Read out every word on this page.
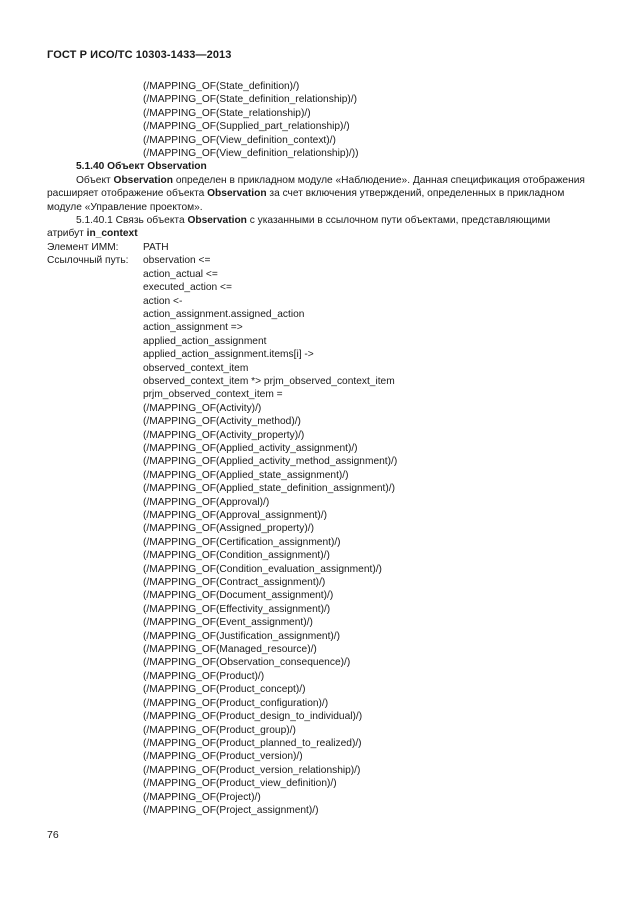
ГОСТ Р ИСО/ТС 10303-1433—2013
(/MAPPING_OF(State_definition)/)
(/MAPPING_OF(State_definition_relationship)/)
(/MAPPING_OF(State_relationship)/)
(/MAPPING_OF(Supplied_part_relationship)/)
(/MAPPING_OF(View_definition_context)/)
(/MAPPING_OF(View_definition_relationship)/))
5.1.40 Объект Observation
Объект Observation определен в прикладном модуле «Наблюдение». Данная спецификация отображения расширяет отображение объекта Observation за счет включения утверждений, определенных в прикладном модуле «Управление проектом».
5.1.40.1 Связь объекта Observation с указанными в ссылочном пути объектами, представляющими атрибут in_context
Элемент ИММ:	PATH
Ссылочный путь:	observation <=
action_actual <=
executed_action <=
action <-
action_assignment.assigned_action
action_assignment =>
applied_action_assignment
applied_action_assignment.items[i] ->
observed_context_item
observed_context_item *> prjm_observed_context_item
prjm_observed_context_item =
(/MAPPING_OF(Activity)/)
(/MAPPING_OF(Activity_method)/)
(/MAPPING_OF(Activity_property)/)
(/MAPPING_OF(Applied_activity_assignment)/)
(/MAPPING_OF(Applied_activity_method_assignment)/)
(/MAPPING_OF(Applied_state_assignment)/)
(/MAPPING_OF(Applied_state_definition_assignment)/)
(/MAPPING_OF(Approval)/)
(/MAPPING_OF(Approval_assignment)/)
(/MAPPING_OF(Assigned_property)/)
(/MAPPING_OF(Certification_assignment)/)
(/MAPPING_OF(Condition_assignment)/)
(/MAPPING_OF(Condition_evaluation_assignment)/)
(/MAPPING_OF(Contract_assignment)/)
(/MAPPING_OF(Document_assignment)/)
(/MAPPING_OF(Effectivity_assignment)/)
(/MAPPING_OF(Event_assignment)/)
(/MAPPING_OF(Justification_assignment)/)
(/MAPPING_OF(Managed_resource)/)
(/MAPPING_OF(Observation_consequence)/)
(/MAPPING_OF(Product)/)
(/MAPPING_OF(Product_concept)/)
(/MAPPING_OF(Product_configuration)/)
(/MAPPING_OF(Product_design_to_individual)/)
(/MAPPING_OF(Product_group)/)
(/MAPPING_OF(Product_planned_to_realized)/)
(/MAPPING_OF(Product_version)/)
(/MAPPING_OF(Product_version_relationship)/)
(/MAPPING_OF(Product_view_definition)/)
(/MAPPING_OF(Project)/)
(/MAPPING_OF(Project_assignment)/)
76
